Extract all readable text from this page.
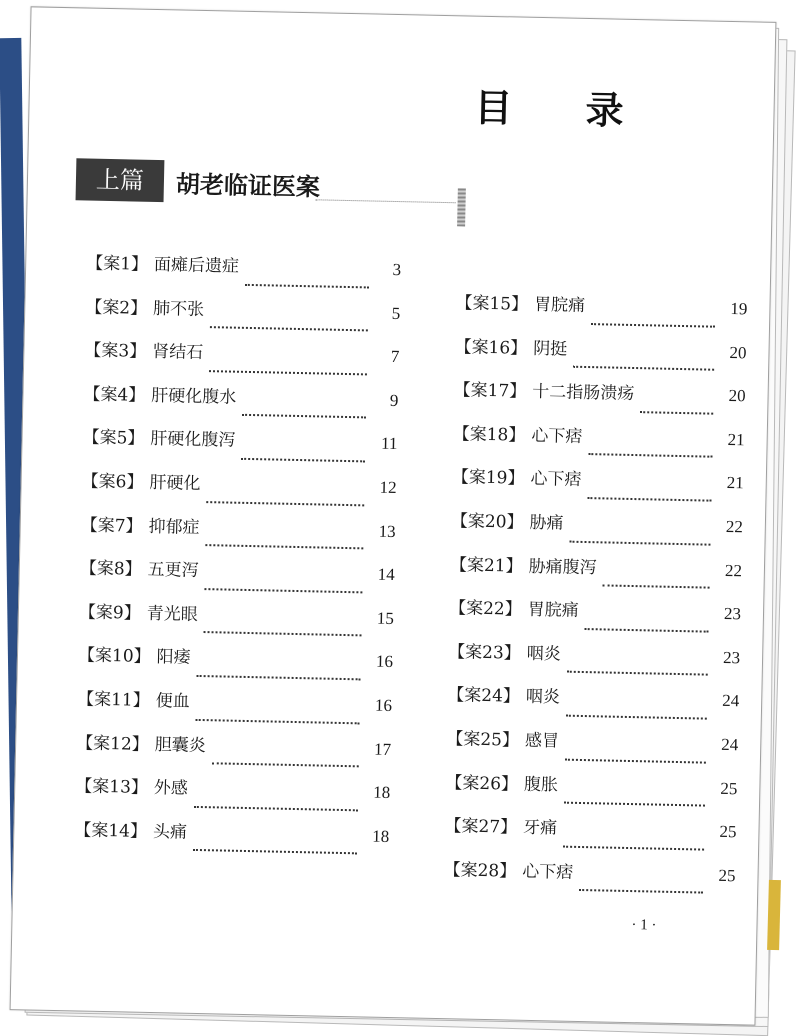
目 录
上篇	胡老临证医案
【案1】 面瘫后遗症	3
【案2】 肺不张	5
【案3】 肾结石	7
【案4】 肝硬化腹水	9
【案5】 肝硬化腹泻	11
【案6】 肝硬化	12
【案7】 抑郁症	13
【案8】 五更泻	14
【案9】 青光眼	15
【案10】 阳痿	16
【案11】 便血	16
【案12】 胆囊炎	17
【案13】 外感	18
【案14】 头痛	18
【案15】 胃脘痛	19
【案16】 阴挺	20
【案17】 十二指肠溃疡	20
【案18】 心下痞	21
【案19】 心下痞	21
【案20】 胁痛	22
【案21】 胁痛腹泻	22
【案22】 胃脘痛	23
【案23】 咽炎	23
【案24】 咽炎	24
【案25】 感冒	24
【案26】 腹胀	25
【案27】 牙痛	25
【案28】 心下痞	25
· 1 ·
